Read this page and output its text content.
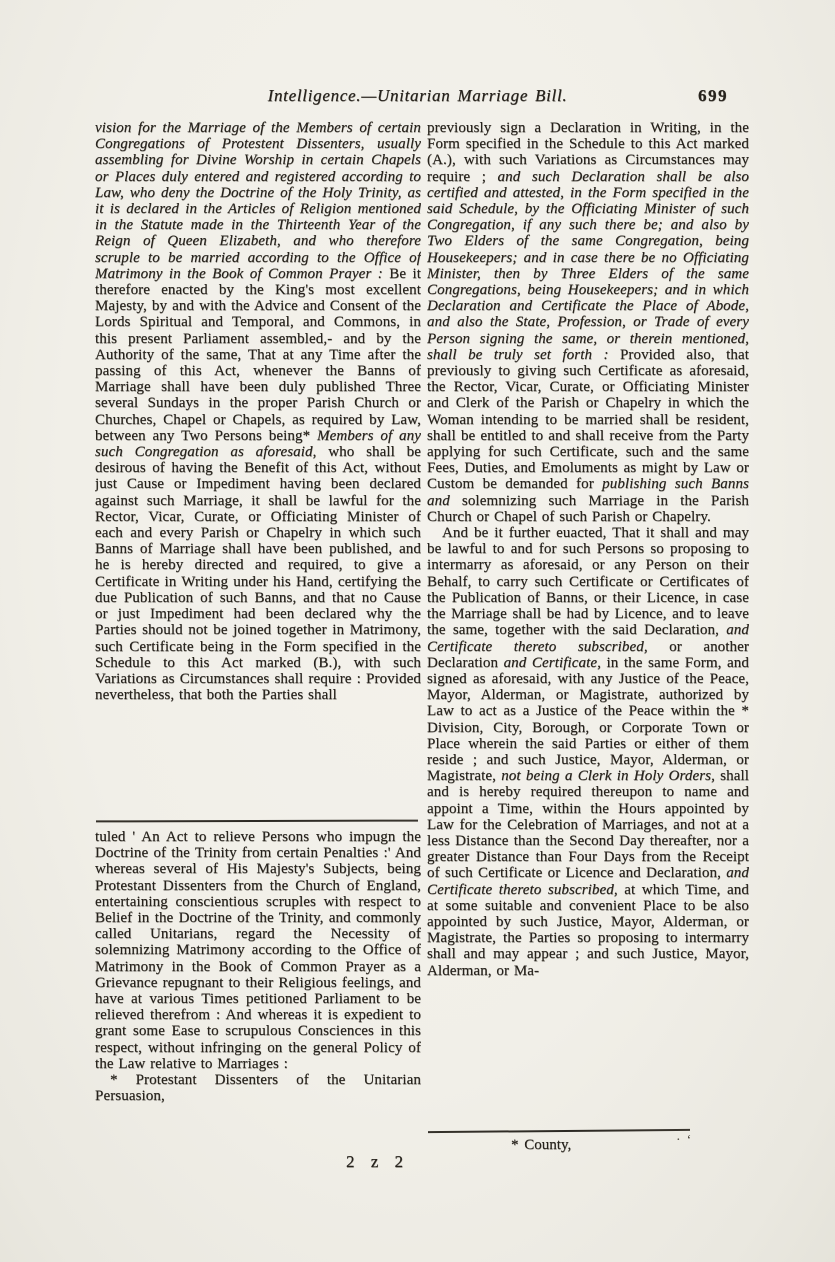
Intelligence.—Unitarian Marriage Bill.	699

vision for the Marriage of the Members of certain Congregations of Protestent Dissenters, usually assembling for Divine Worship in certain Chapels or Places duly entered and registered according to Law, who deny the Doctrine of the Holy Trinity, as it is declared in the Articles of Religion mentioned in the Statute made in the Thirteenth Year of the Reign of Queen Elizabeth, and who therefore scruple to be married according to the Office of Matrimony in the Book of Common Prayer : Be it therefore enacted by the King's most excellent Majesty, by and with the Advice and Consent of the Lords Spiritual and Temporal, and Commons, in this present Parliament assembled,- and by the Authority of the same, That at any Time after the passing of this Act, whenever the Banns of Marriage shall have been duly published Three several Sundays in the proper Parish Church or Churches, Chapel or Chapels, as required by Law, between any Two Persons being* Members of any such Congregation as aforesaid, who shall be desirous of having the Benefit of this Act, without just Cause or Impediment having been declared against such Marriage, it shall be lawful for the Rector, Vicar, Curate, or Officiating Minister of each and every Parish or Chapelry in which such Banns of Marriage shall have been published, and he is hereby directed and required, to give a Certificate in Writing under his Hand, certifying the due Publication of such Banns, and that no Cause or just Impediment had been declared why the Parties should not be joined together in Matrimony, such Certificate being in the Form specified in the Schedule to this Act marked (B.), with such Variations as Circumstances shall require : Provided nevertheless, that both the Parties shall

tuled ' An Act to relieve Persons who impugn the Doctrine of the Trinity from certain Penalties :' And whereas several of His Majesty's Subjects, being Protestant Dissenters from the Church of England, entertaining conscientious scruples with respect to Belief in the Doctrine of the Trinity, and commonly called Unitarians, regard the Necessity of solemnizing Matrimony according to the Office of Matrimony in the Book of Common Prayer as a Grievance repugnant to their Religious feelings, and have at various Times petitioned Parliament to be relieved therefrom : And whereas it is expedient to grant some Ease to scrupulous Consciences in this respect, without infringing on the general Policy of the Law relative to Marriages :

* Protestant Dissenters of the Unitarian Persuasion,

2 z 2

previously sign a Declaration in Writing, in the Form specified in the Schedule to this Act marked (A.), with such Variations as Circumstances may require ; and such Declaration shall be also certified and attested, in the Form specified in the said Schedule, by the Officiating Minister of such Congregation, if any such there be; and also by Two Elders of the same Congregation, being Housekeepers; and in case there be no Officiating Minister, then by Three Elders of the same Congregations, being Housekeepers; and in which Declaration and Certificate the Place of Abode, and also the State, Profession, or Trade of every Person signing the same, or therein mentioned, shall be truly set forth : Provided also, that previously to giving such Certificate as aforesaid, the Rector, Vicar, Curate, or Officiating Minister and Clerk of the Parish or Chapelry in which the Woman intending to be married shall be resident, shall be entitled to and shall receive from the Party applying for such Certificate, such and the same Fees, Duties, and Emoluments as might by Law or Custom be demanded for publishing such Banns and solemnizing such Marriage in the Parish Church or Chapel of such Parish or Chapelry.

And be it further euacted, That it shall and may be lawful to and for such Persons so proposing to intermarry as aforesaid, or any Person on their Behalf, to carry such Certificate or Certificates of the Publication of Banns, or their Licence, in case the Marriage shall be had by Licence, and to leave the same, together with the said Declaration, and Certificate thereto subscribed, or another Declaration and Certificate, in the same Form, and signed as aforesaid, with any Justice of the Peace, Mayor, Alderman, or Magistrate, authorized by Law to act as a Justice of the Peace within the * Division, City, Borough, or Corporate Town or Place wherein the said Parties or either of them reside ; and such Justice, Mayor, Alderman, or Magistrate, not being a Clerk in Holy Orders, shall and is hereby required thereupon to name and appoint a Time, within the Hours appointed by Law for the Celebration of Marriages, and not at a less Distance than the Second Day thereafter, nor a greater Distance than Four Days from the Receipt of such Certificate or Licence and Declaration, and Certificate thereto subscribed, at which Time, and at some suitable and convenient Place to be also appointed by such Justice, Mayor, Alderman, or Magistrate, the Parties so proposing to intermarry shall and may appear ; and such Justice, Mayor, Alderman, or Ma-

* County,	·‘
